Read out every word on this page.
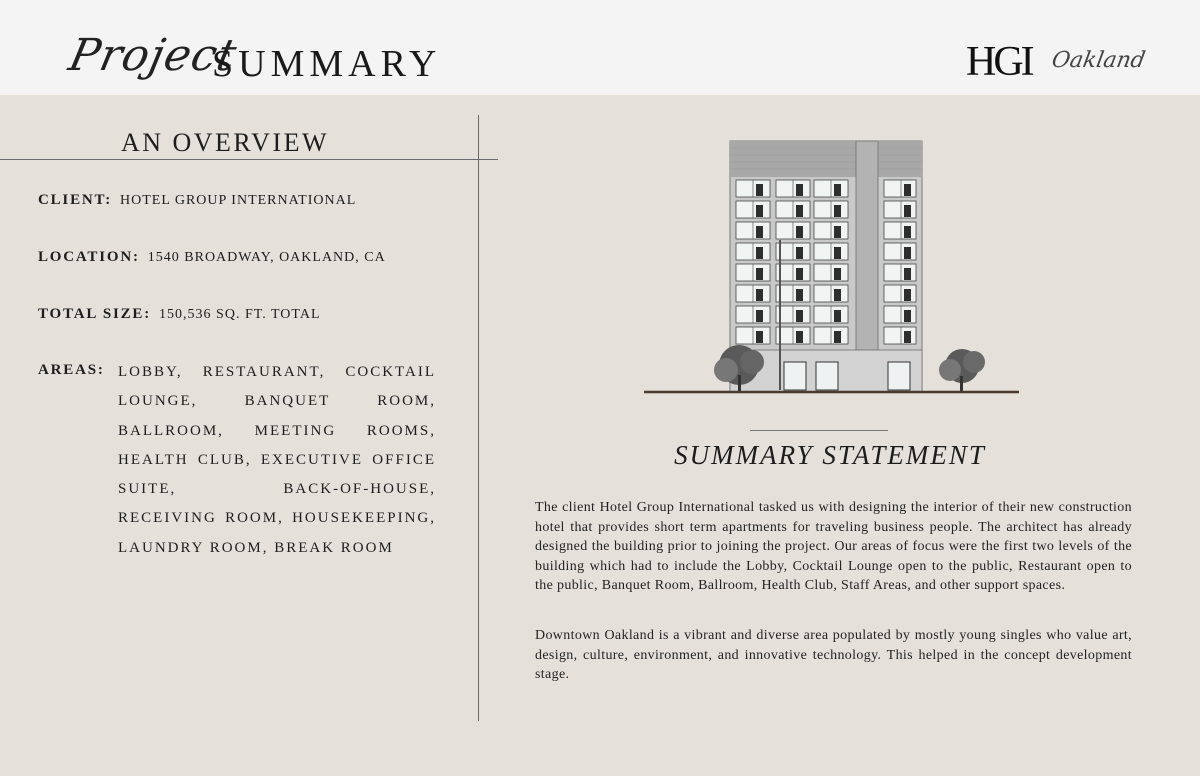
Project
SUMMARY	HGI Oakland
AN OVERVIEW
CLIENT: HOTEL GROUP INTERNATIONAL
LOCATION: 1540 BROADWAY, OAKLAND, CA
TOTAL SIZE: 150,536 SQ. FT. TOTAL
AREAS: LOBBY, RESTAURANT, COCKTAIL LOUNGE, BANQUET ROOM, BALLROOM, MEETING ROOMS, HEALTH CLUB, EXECUTIVE OFFICE SUITE, BACK-OF-HOUSE, RECEIVING ROOM, HOUSEKEEPING, LAUNDRY ROOM, BREAK ROOM
SUMMARY STATEMENT
The client Hotel Group International tasked us with designing the interior of their new construction hotel that provides short term apartments for traveling business people. The architect has already designed the building prior to joining the project. Our areas of focus were the first two levels of the building which had to include the Lobby, Cocktail Lounge open to the public, Restaurant open to the public, Banquet Room, Ballroom, Health Club, Staff Areas, and other support spaces.
Downtown Oakland is a vibrant and diverse area populated by mostly young singles who value art, design, culture, environment, and innovative technology. This helped in the concept development stage.
